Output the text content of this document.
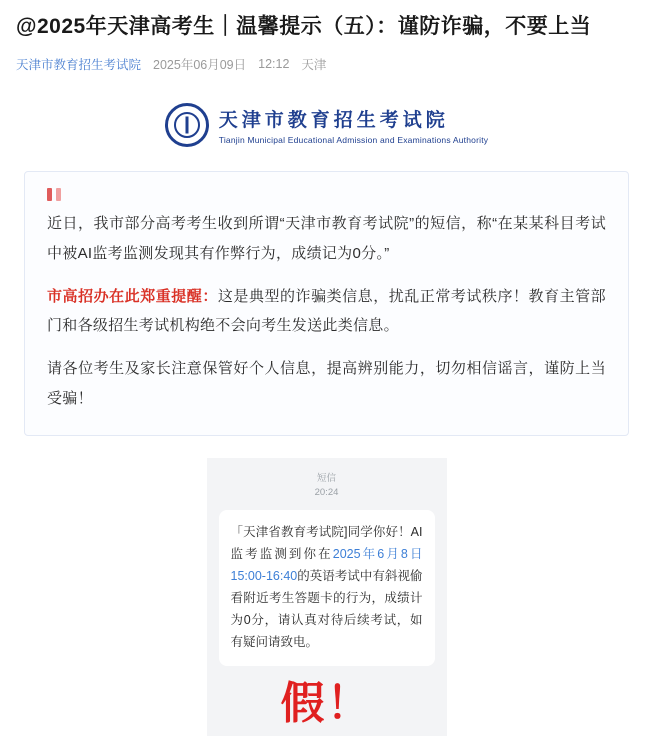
@2025年天津高考生｜温馨提示（五）：谨防诈骗，不要上当
天津市教育招生考试院 2025年06月09日 12:12 天津
天津市教育招生考试院
Tianjin Municipal Educational Admission and Examinations Authority

近日，我市部分高考考生收到所谓“天津市教育考试院”的短信，称“在某某科目考试中被AI监考监测发现其有作弊行为，成绩记为0分。”

市高招办在此郑重提醒：这是典型的诈骗类信息，扰乱正常考试秩序！教育主管部门和各级招生考试机构绝不会向考生发送此类信息。

请各位考生及家长注意保管好个人信息，提高辨别能力，切勿相信谣言，谨防上当受骗！

短信
20:24
「天津省教育考试院]同学你好！AI监考监测到你在2025年6月8日15:00-16:40的英语考试中有斜视偷看附近考生答题卡的行为，成绩计为0分，请认真对待后续考试，如有疑问请致电。
假！
